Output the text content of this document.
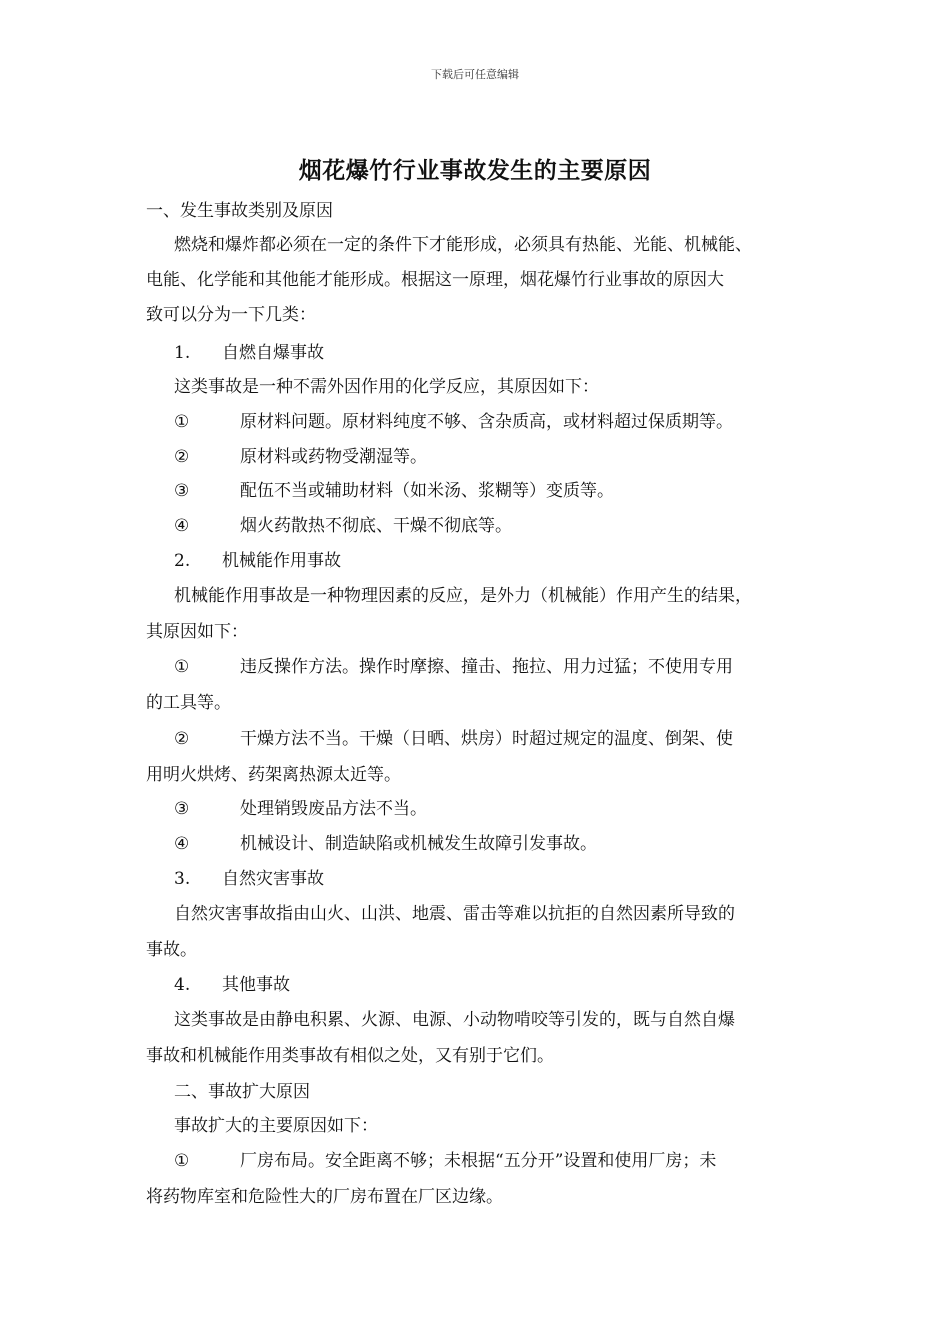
下载后可任意编辑
烟花爆竹行业事故发生的主要原因
一、发生事故类别及原因
燃烧和爆炸都必须在一定的条件下才能形成，必须具有热能、光能、机械能、
电能、化学能和其他能才能形成。根据这一原理，烟花爆竹行业事故的原因大
致可以分为一下几类：
1. 自燃自爆事故
这类事故是一种不需外因作用的化学反应，其原因如下：
①	原材料问题。原材料纯度不够、含杂质高，或材料超过保质期等。
②	原材料或药物受潮湿等。
③	配伍不当或辅助材料（如米汤、浆糊等）变质等。
④	烟火药散热不彻底、干燥不彻底等。
2. 机械能作用事故
机械能作用事故是一种物理因素的反应，是外力（机械能）作用产生的结果，
其原因如下：
①	违反操作方法。操作时摩擦、撞击、拖拉、用力过猛；不使用专用
的工具等。
②	干燥方法不当。干燥（日晒、烘房）时超过规定的温度、倒架、使
用明火烘烤、药架离热源太近等。
③	处理销毁废品方法不当。
④	机械设计、制造缺陷或机械发生故障引发事故。
3. 自然灾害事故
自然灾害事故指由山火、山洪、地震、雷击等难以抗拒的自然因素所导致的
事故。
4. 其他事故
这类事故是由静电积累、火源、电源、小动物啃咬等引发的，既与自然自爆
事故和机械能作用类事故有相似之处，又有别于它们。
二、事故扩大原因
事故扩大的主要原因如下：
①	厂房布局。安全距离不够；未根据“五分开”设置和使用厂房；未
将药物库室和危险性大的厂房布置在厂区边缘。
